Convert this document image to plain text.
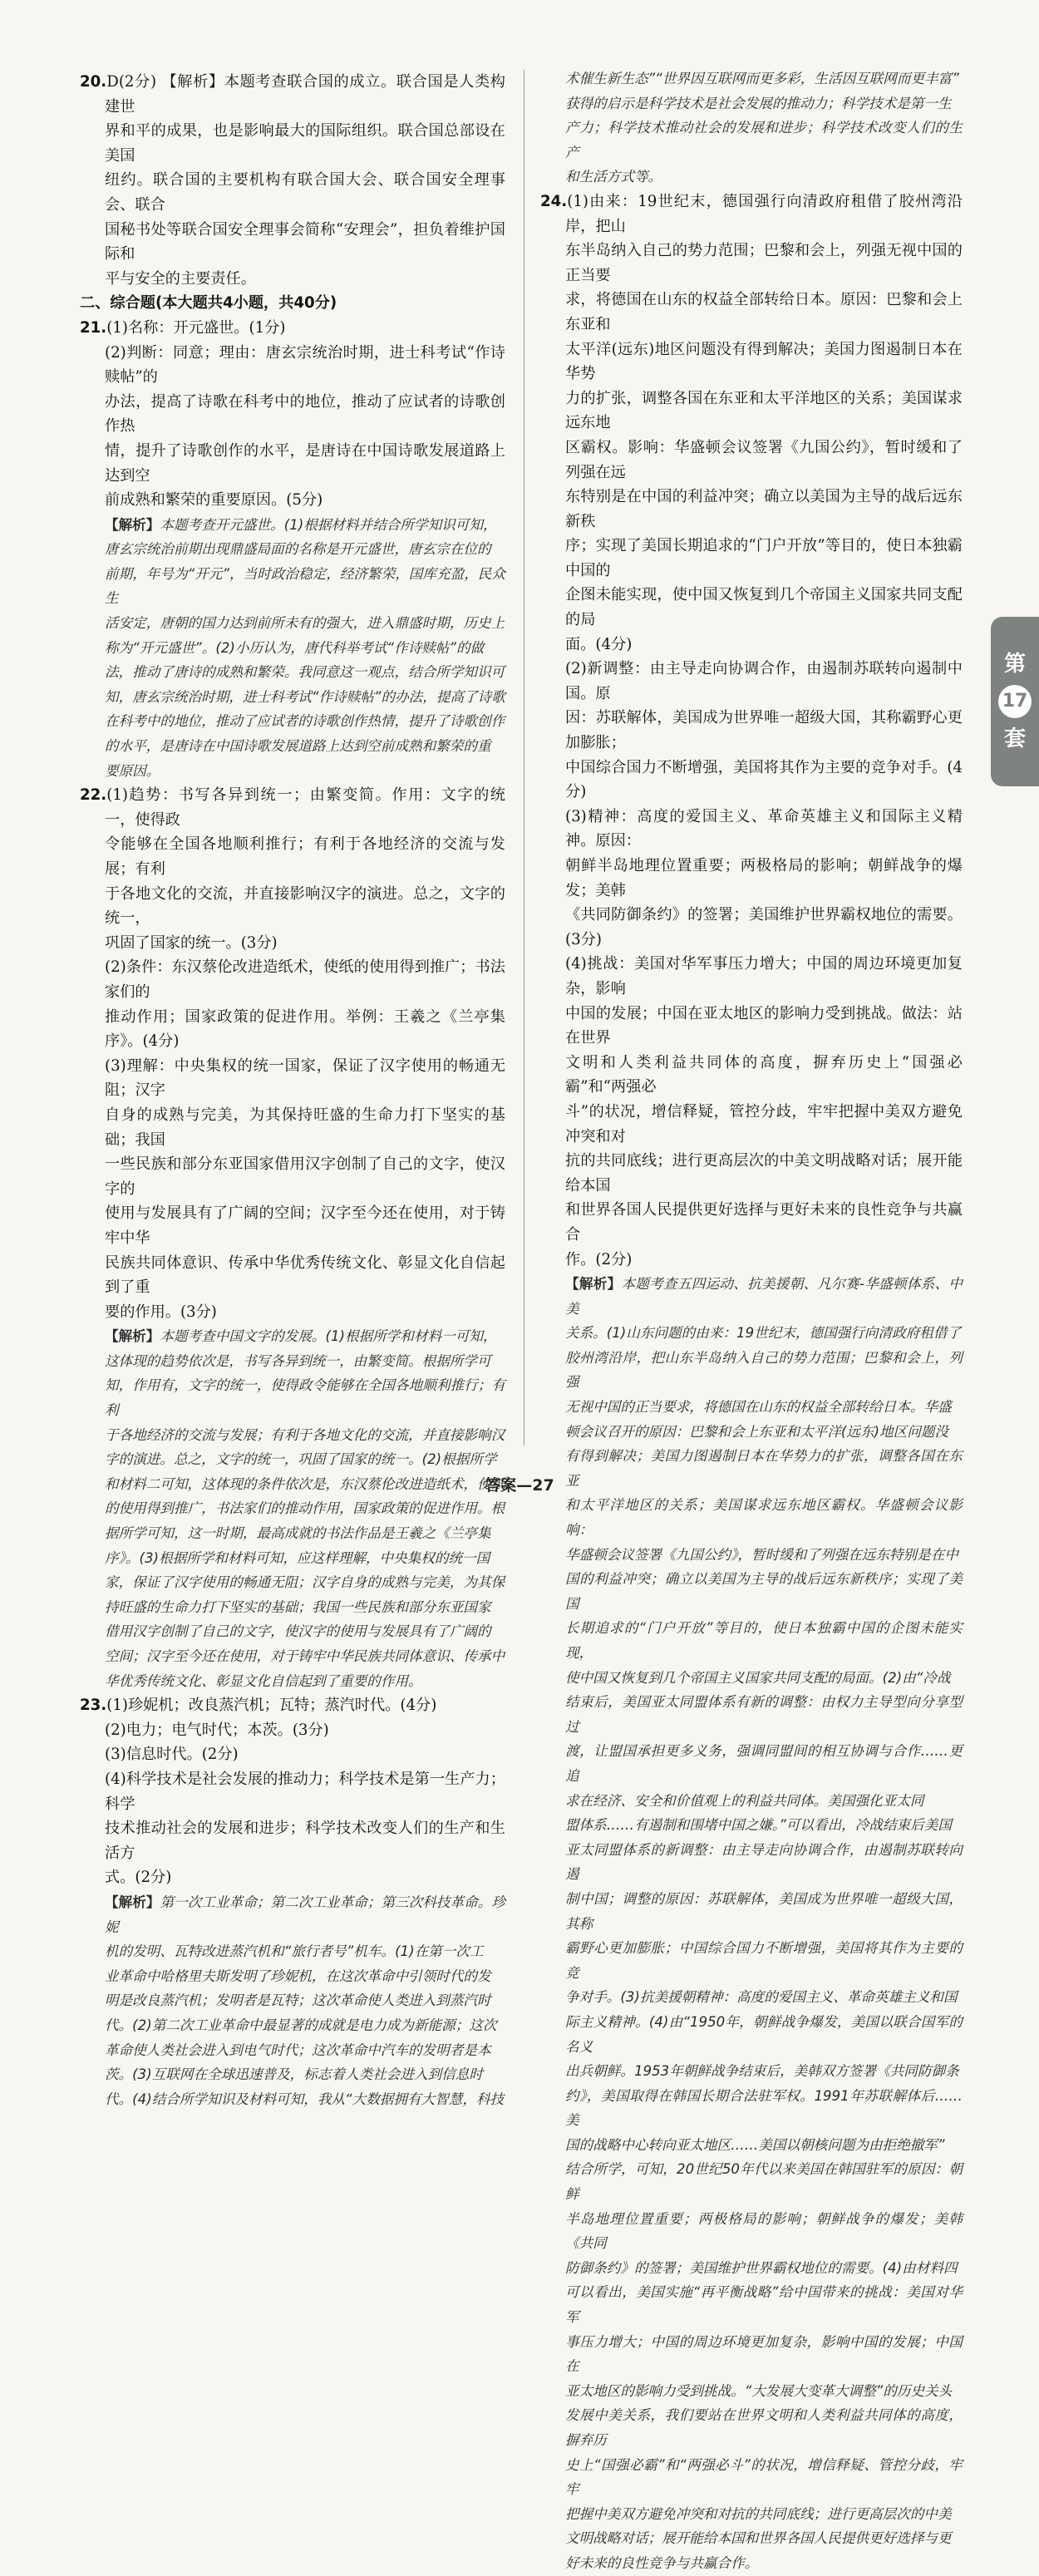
20.D(2分) 【解析】本题考查联合国的成立。联合国是人类构建世
界和平的成果，也是影响最大的国际组织。联合国总部设在美国
纽约。联合国的主要机构有联合国大会、联合国安全理事会、联合
国秘书处等联合国安全理事会简称“安理会”，担负着维护国际和
平与安全的主要责任。
二、综合题(本大题共4小题，共40分)
21.(1)名称：开元盛世。(1分)
(2)判断：同意；理由：唐玄宗统治时期，进士科考试“作诗赎帖”的
办法，提高了诗歌在科考中的地位，推动了应试者的诗歌创作热
情，提升了诗歌创作的水平，是唐诗在中国诗歌发展道路上达到空
前成熟和繁荣的重要原因。(5分)
【解析】本题考查开元盛世。(1)根据材料并结合所学知识可知，
唐玄宗统治前期出现鼎盛局面的名称是开元盛世，唐玄宗在位的
前期，年号为“开元”，当时政治稳定，经济繁荣，国库充盈，民众生
活安定，唐朝的国力达到前所未有的强大，进入鼎盛时期，历史上
称为“开元盛世”。(2)小历认为，唐代科举考试“作诗赎帖”的做
法，推动了唐诗的成熟和繁荣。我同意这一观点，结合所学知识可
知，唐玄宗统治时期，进士科考试“作诗赎帖”的办法，提高了诗歌
在科考中的地位，推动了应试者的诗歌创作热情，提升了诗歌创作
的水平，是唐诗在中国诗歌发展道路上达到空前成熟和繁荣的重
要原因。
22.(1)趋势：书写各异到统一；由繁变简。作用：文字的统一，使得政
令能够在全国各地顺利推行；有利于各地经济的交流与发展；有利
于各地文化的交流，并直接影响汉字的演进。总之，文字的统一，
巩固了国家的统一。(3分)
(2)条件：东汉蔡伦改进造纸术，使纸的使用得到推广；书法家们的
推动作用；国家政策的促进作用。举例：王羲之《兰亭集序》。(4分)
(3)理解：中央集权的统一国家，保证了汉字使用的畅通无阻；汉字
自身的成熟与完美，为其保持旺盛的生命力打下坚实的基础；我国
一些民族和部分东亚国家借用汉字创制了自己的文字，使汉字的
使用与发展具有了广阔的空间；汉字至今还在使用，对于铸牢中华
民族共同体意识、传承中华优秀传统文化、彰显文化自信起到了重
要的作用。(3分)
【解析】本题考查中国文字的发展。(1)根据所学和材料一可知，
这体现的趋势依次是，书写各异到统一，由繁变简。根据所学可
知，作用有，文字的统一，使得政令能够在全国各地顺利推行；有利
于各地经济的交流与发展；有利于各地文化的交流，并直接影响汉
字的演进。总之，文字的统一，巩固了国家的统一。(2)根据所学
和材料二可知，这体现的条件依次是，东汉蔡伦改进造纸术，使纸
的使用得到推广，书法家们的推动作用，国家政策的促进作用。根
据所学可知，这一时期，最高成就的书法作品是王羲之《兰亭集
序》。(3)根据所学和材料可知，应这样理解，中央集权的统一国
家，保证了汉字使用的畅通无阻；汉字自身的成熟与完美，为其保
持旺盛的生命力打下坚实的基础；我国一些民族和部分东亚国家
借用汉字创制了自己的文字，使汉字的使用与发展具有了广阔的
空间；汉字至今还在使用，对于铸牢中华民族共同体意识、传承中
华优秀传统文化、彰显文化自信起到了重要的作用。
23.(1)珍妮机；改良蒸汽机；瓦特；蒸汽时代。(4分)
(2)电力；电气时代；本茨。(3分)
(3)信息时代。(2分)
(4)科学技术是社会发展的推动力；科学技术是第一生产力；科学
技术推动社会的发展和进步；科学技术改变人们的生产和生活方
式。(2分)
【解析】第一次工业革命；第二次工业革命；第三次科技革命。珍妮
机的发明、瓦特改进蒸汽机和“旅行者号”机车。(1)在第一次工
业革命中哈格里夫斯发明了珍妮机，在这次革命中引领时代的发
明是改良蒸汽机；发明者是瓦特；这次革命使人类进入到蒸汽时
代。(2)第二次工业革命中最显著的成就是电力成为新能源；这次
革命使人类社会进入到电气时代；这次革命中汽车的发明者是本
茨。(3)互联网在全球迅速普及，标志着人类社会进入到信息时
代。(4)结合所学知识及材料可知，我从“大数据拥有大智慧，科技
术催生新生态”“世界因互联网而更多彩，生活因互联网而更丰富”
获得的启示是科学技术是社会发展的推动力；科学技术是第一生
产力；科学技术推动社会的发展和进步；科学技术改变人们的生产
和生活方式等。
24.(1)由来：19世纪末，德国强行向清政府租借了胶州湾沿岸，把山
东半岛纳入自己的势力范围；巴黎和会上，列强无视中国的正当要
求，将德国在山东的权益全部转给日本。原因：巴黎和会上东亚和
太平洋(远东)地区问题没有得到解决；美国力图遏制日本在华势
力的扩张，调整各国在东亚和太平洋地区的关系；美国谋求远东地
区霸权。影响：华盛顿会议签署《九国公约》，暂时缓和了列强在远
东特别是在中国的利益冲突；确立以美国为主导的战后远东新秩
序；实现了美国长期追求的“门户开放”等目的，使日本独霸中国的
企图未能实现，使中国又恢复到几个帝国主义国家共同支配的局
面。(4分)
(2)新调整：由主导走向协调合作，由遏制苏联转向遏制中国。原
因：苏联解体，美国成为世界唯一超级大国，其称霸野心更加膨胀；
中国综合国力不断增强，美国将其作为主要的竞争对手。(4分)
(3)精神：高度的爱国主义、革命英雄主义和国际主义精神。原因：
朝鲜半岛地理位置重要；两极格局的影响；朝鲜战争的爆发；美韩
《共同防御条约》的签署；美国维护世界霸权地位的需要。(3分)
(4)挑战：美国对华军事压力增大；中国的周边环境更加复杂，影响
中国的发展；中国在亚太地区的影响力受到挑战。做法：站在世界
文明和人类利益共同体的高度，摒弃历史上“国强必霸”和“两强必
斗”的状况，增信释疑，管控分歧，牢牢把握中美双方避免冲突和对
抗的共同底线；进行更高层次的中美文明战略对话；展开能给本国
和世界各国人民提供更好选择与更好未来的良性竞争与共赢合
作。(2分)
【解析】本题考查五四运动、抗美援朝、凡尔赛-华盛顿体系、中美
关系。(1)山东问题的由来：19世纪末，德国强行向清政府租借了
胶州湾沿岸，把山东半岛纳入自己的势力范围；巴黎和会上，列强
无视中国的正当要求，将德国在山东的权益全部转给日本。华盛
顿会议召开的原因：巴黎和会上东亚和太平洋(远东)地区问题没
有得到解决；美国力图遏制日本在华势力的扩张，调整各国在东亚
和太平洋地区的关系；美国谋求远东地区霸权。华盛顿会议影响：
华盛顿会议签署《九国公约》，暂时缓和了列强在远东特别是在中
国的利益冲突；确立以美国为主导的战后远东新秩序；实现了美国
长期追求的“门户开放”等目的，使日本独霸中国的企图未能实现，
使中国又恢复到几个帝国主义国家共同支配的局面。(2)由“冷战
结束后，美国亚太同盟体系有新的调整：由权力主导型向分享型过
渡，让盟国承担更多义务，强调同盟间的相互协调与合作……更追
求在经济、安全和价值观上的利益共同体。美国强化亚太同
盟体系……有遏制和围堵中国之嫌。”可以看出，冷战结束后美国
亚太同盟体系的新调整：由主导走向协调合作，由遏制苏联转向遏
制中国；调整的原因：苏联解体，美国成为世界唯一超级大国，其称
霸野心更加膨胀；中国综合国力不断增强，美国将其作为主要的竞
争对手。(3)抗美援朝精神：高度的爱国主义、革命英雄主义和国
际主义精神。(4)由“1950年，朝鲜战争爆发，美国以联合国军的名义
出兵朝鲜。1953年朝鲜战争结束后，美韩双方签署《共同防御条
约》，美国取得在韩国长期合法驻军权。1991年苏联解体后……美
国的战略中心转向亚太地区……美国以朝核问题为由拒绝撤军”
结合所学，可知，20世纪50年代以来美国在韩国驻军的原因：朝鲜
半岛地理位置重要；两极格局的影响；朝鲜战争的爆发；美韩《共同
防御条约》的签署；美国维护世界霸权地位的需要。(4)由材料四
可以看出，美国实施“再平衡战略”给中国带来的挑战：美国对华军
事压力增大；中国的周边环境更加复杂，影响中国的发展；中国在
亚太地区的影响力受到挑战。“大发展大变革大调整”的历史关头
发展中美关系，我们要站在世界文明和人类利益共同体的高度，摒弃历
史上“国强必霸”和“两强必斗”的状况，增信释疑、管控分歧，牢牢
把握中美双方避免冲突和对抗的共同底线；进行更高层次的中美
文明战略对话；展开能给本国和世界各国人民提供更好选择与更
好未来的良性竞争与共赢合作。
第
17
套
答案—27
